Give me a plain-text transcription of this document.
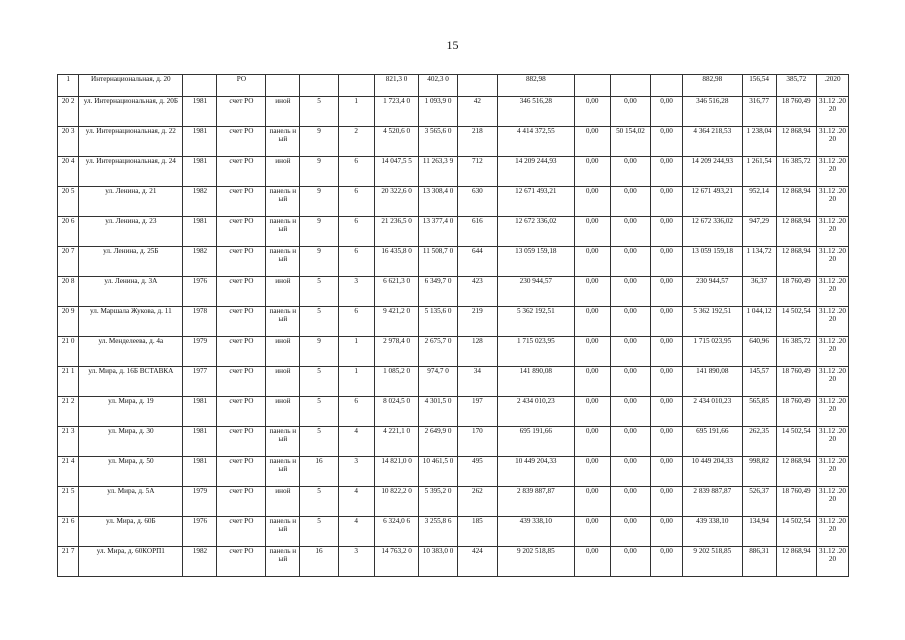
15
1	Интернациональная, д. 20		РО				821,3 0	402,3 0		882,98				882,98	156,54	385,72	.2020
20 2	ул. Интернациональная, д. 20Б	1981	счет РО	иной	5	1	1 723,4 0	1 093,9 0	42	346 516,28	0,00	0,00	0,00	346 516,28	316,77	18 760,49	31.12 .2020
20 3	ул. Интернациональная, д. 22	1981	счет РО	панель ный	9	2	4 520,6 0	3 565,6 0	218	4 414 372,55	0,00	50 154,02	0,00	4 364 218,53	1 238,04	12 868,94	31.12 .2020
20 4	ул. Интернациональная, д. 24	1981	счет РО	иной	9	6	14 047,5 5	11 263,3 9	712	14 209 244,93	0,00	0,00	0,00	14 209 244,93	1 261,54	16 385,72	31.12 .2020
20 5	ул. Ленина, д. 21	1982	счет РО	панель ный	9	6	20 322,6 0	13 308,4 0	630	12 671 493,21	0,00	0,00	0,00	12 671 493,21	952,14	12 868,94	31.12 .2020
20 6	ул. Ленина, д. 23	1981	счет РО	панель ный	9	6	21 236,5 0	13 377,4 0	616	12 672 336,02	0,00	0,00	0,00	12 672 336,02	947,29	12 868,94	31.12 .2020
20 7	ул. Ленина, д. 25Б	1982	счет РО	панель ный	9	6	16 435,8 0	11 508,7 0	644	13 059 159,18	0,00	0,00	0,00	13 059 159,18	1 134,72	12 868,94	31.12 .2020
20 8	ул. Ленина, д. 3А	1976	счет РО	иной	5	3	6 621,3 0	6 349,7 0	423	230 944,57	0,00	0,00	0,00	230 944,57	36,37	18 760,49	31.12 .2020
20 9	ул. Маршала Жукова, д. 11	1978	счет РО	панель ный	5	6	9 421,2 0	5 135,6 0	219	5 362 192,51	0,00	0,00	0,00	5 362 192,51	1 044,12	14 502,54	31.12 .2020
21 0	ул. Менделеева, д. 4а	1979	счет РО	иной	9	1	2 978,4 0	2 675,7 0	128	1 715 023,95	0,00	0,00	0,00	1 715 023,95	640,96	16 385,72	31.12 .2020
21 1	ул. Мира, д. 16Б ВСТАВКА	1977	счет РО	иной	5	1	1 085,2 0	974,7 0	34	141 890,08	0,00	0,00	0,00	141 890,08	145,57	18 760,49	31.12 .2020
21 2	ул. Мира, д. 19	1981	счет РО	иной	5	6	8 024,5 0	4 301,5 0	197	2 434 010,23	0,00	0,00	0,00	2 434 010,23	565,85	18 760,49	31.12 .2020
21 3	ул. Мира, д. 30	1981	счет РО	панель ный	5	4	4 221,1 0	2 649,9 0	170	695 191,66	0,00	0,00	0,00	695 191,66	262,35	14 502,54	31.12 .2020
21 4	ул. Мира, д. 50	1981	счет РО	панель ный	16	3	14 821,0 0	10 461,5 0	495	10 449 204,33	0,00	0,00	0,00	10 449 204,33	998,82	12 868,94	31.12 .2020
21 5	ул. Мира, д. 5А	1979	счет РО	иной	5	4	10 822,2 0	5 395,2 0	262	2 839 887,87	0,00	0,00	0,00	2 839 887,87	526,37	18 760,49	31.12 .2020
21 6	ул. Мира, д. 60Б	1976	счет РО	панель ный	5	4	6 324,0 6	3 255,8 6	185	439 338,10	0,00	0,00	0,00	439 338,10	134,94	14 502,54	31.12 .2020
21 7	ул. Мира, д. 60КОРП1	1982	счет РО	панель ный	16	3	14 763,2 0	10 383,0 0	424	9 202 518,85	0,00	0,00	0,00	9 202 518,85	886,31	12 868,94	31.12 .2020
